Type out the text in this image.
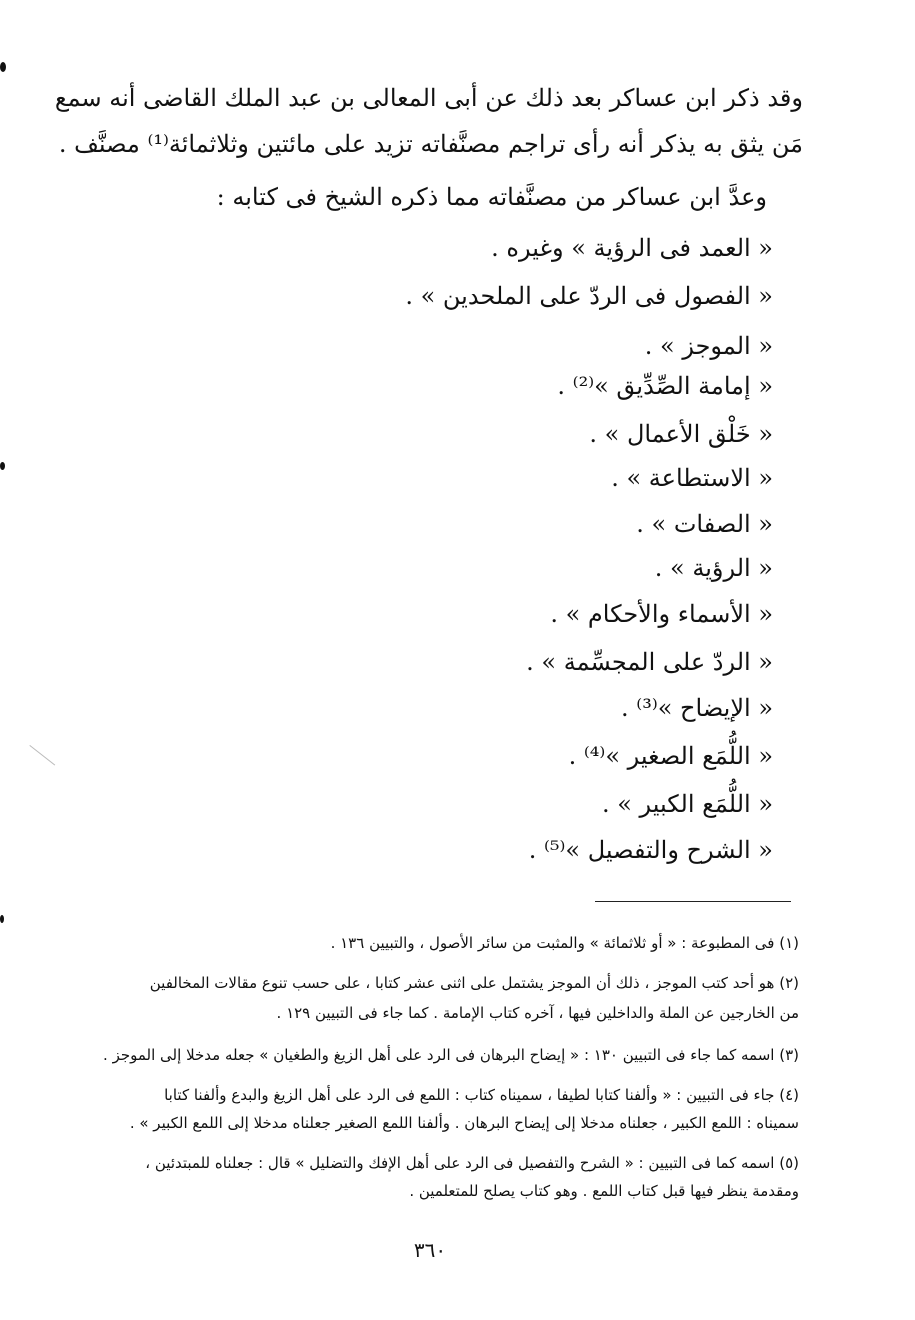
وقد ذكر ابن عساكر بعد ذلك عن أبى المعالى بن عبد الملك القاضى أنه سمع
مَن يثق به يذكر أنه رأى تراجم مصنَّفاته تزيد على مائتين وثلاثمائة⁽¹⁾ مصنَّف .
وعدَّ ابن عساكر من مصنَّفاته مما ذكره الشيخ فى كتابه :
« العمد فى الرؤية » وغيره .
« الفصول فى الردّ على الملحدين » .
« الموجز » .
« إمامة الصِّدِّيق »⁽²⁾ .
« خَلْق الأعمال » .
« الاستطاعة » .
« الصفات » .
« الرؤية » .
« الأسماء والأحكام » .
« الردّ على المجسِّمة » .
« الإيضاح »⁽³⁾ .
« اللُّمَع الصغير »⁽⁴⁾ .
« اللُّمَع الكبير » .
« الشرح والتفصيل »⁽⁵⁾ .
(١) فى المطبوعة : « أو ثلاثمائة » والمثبت من سائر الأصول ، والتبيين ١٣٦ .
(٢) هو أحد كتب الموجز ، ذلك أن الموجز يشتمل على اثنى عشر كتابا ، على حسب تنوع مقالات المخالفين
من الخارجين عن الملة والداخلين فيها ، آخره كتاب الإمامة . كما جاء فى التبيين ١٢٩ .
(٣) اسمه كما جاء فى التبيين ١٣٠ : « إيضاح البرهان فى الرد على أهل الزيغ والطغيان » جعله مدخلا إلى الموجز .
(٤) جاء فى التبيين : « وألفنا كتابا لطيفا ، سميناه كتاب : اللمع فى الرد على أهل الزيغ والبدع وألفنا كتابا
سميناه : اللمع الكبير ، جعلناه مدخلا إلى إيضاح البرهان . وألفنا اللمع الصغير جعلناه مدخلا إلى اللمع الكبير » .
(٥) اسمه كما فى التبيين : « الشرح والتفصيل فى الرد على أهل الإفك والتضليل » قال : جعلناه للمبتدئين ،
ومقدمة ينظر فيها قبل كتاب اللمع . وهو كتاب يصلح للمتعلمين .
٣٦٠
